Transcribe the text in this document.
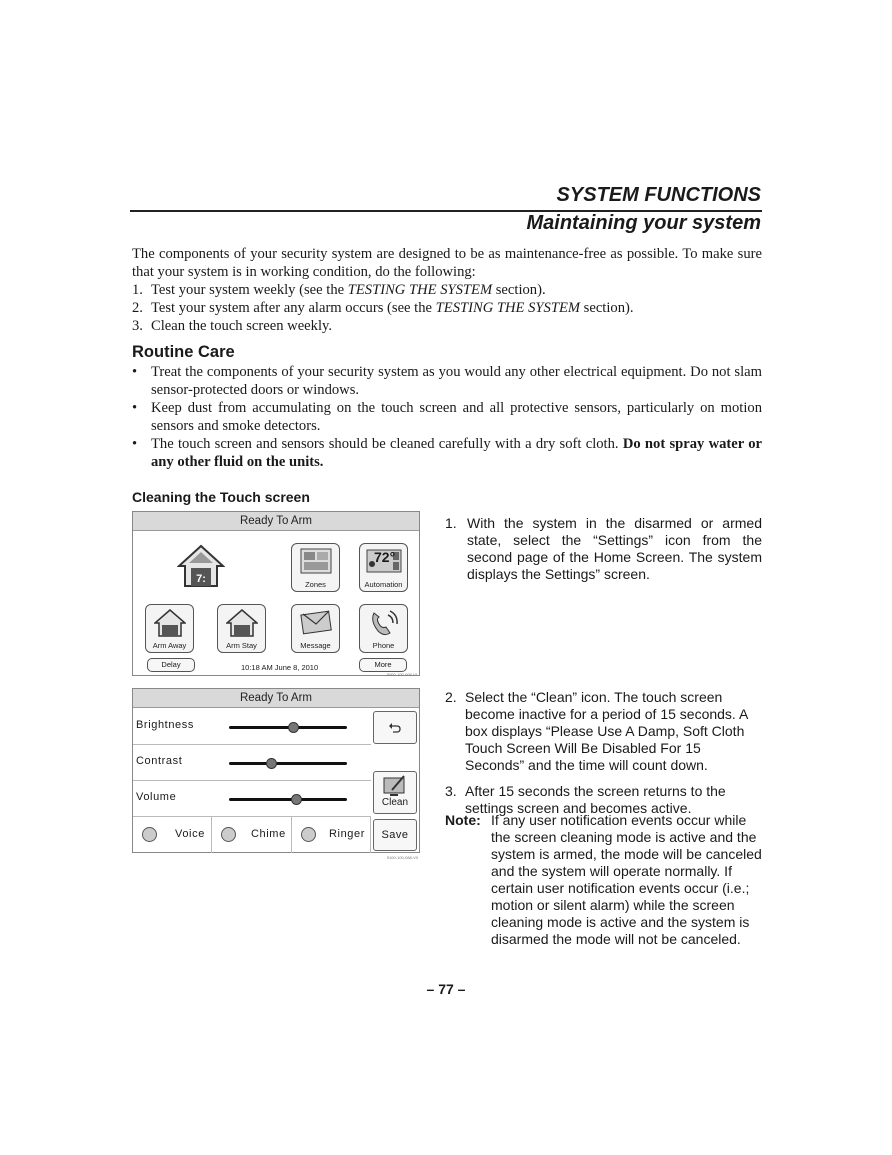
SYSTEM FUNCTIONS
Maintaining your system

The components of your security system are designed to be as maintenance-free as possible. To make sure that your system is in working condition, do the following:

1. Test your system weekly (see the TESTING THE SYSTEM section).
2. Test your system after any alarm occurs (see the TESTING THE SYSTEM section).
3. Clean the touch screen weekly.
Routine Care
• Treat the components of your security system as you would any other electrical equipment. Do not slam sensor-protected doors or windows.
• Keep dust from accumulating on the touch screen and all protective sensors, particularly on motion sensors and smoke detectors.
• The touch screen and sensors should be cleaned carefully with a dry soft cloth. Do not spray water or any other fluid on the units.
Cleaning the Touch screen
Ready To Arm
7:	Zones
72°
Automation
Arm Away	Arm Stay	Message	Phone
Delay	10:18 AM June 8, 2010	More
5000-100-006-V1
Ready To Arm
Brightness
Contrast
Volume
Voice	Chime	Ringer
Clean
Save
5100-100-088-V0
1. With the system in the disarmed or armed state, select the “Settings” icon from the second page of the Home Screen. The system displays the Settings” screen.
2. Select the “Clean” icon. The touch screen become inactive for a period of 15 seconds. A box displays “Please Use A Damp, Soft Cloth Touch Screen Will Be Disabled For 15 Seconds” and the time will count down.
3. After 15 seconds the screen returns to the settings screen and becomes active.
Note: If any user notification events occur while the screen cleaning mode is active and the system is armed, the mode will be canceled and the system will operate normally. If certain user notification events occur (i.e.; motion or silent alarm) while the screen cleaning mode is active and the system is disarmed the mode will not be canceled.
– 77 –
